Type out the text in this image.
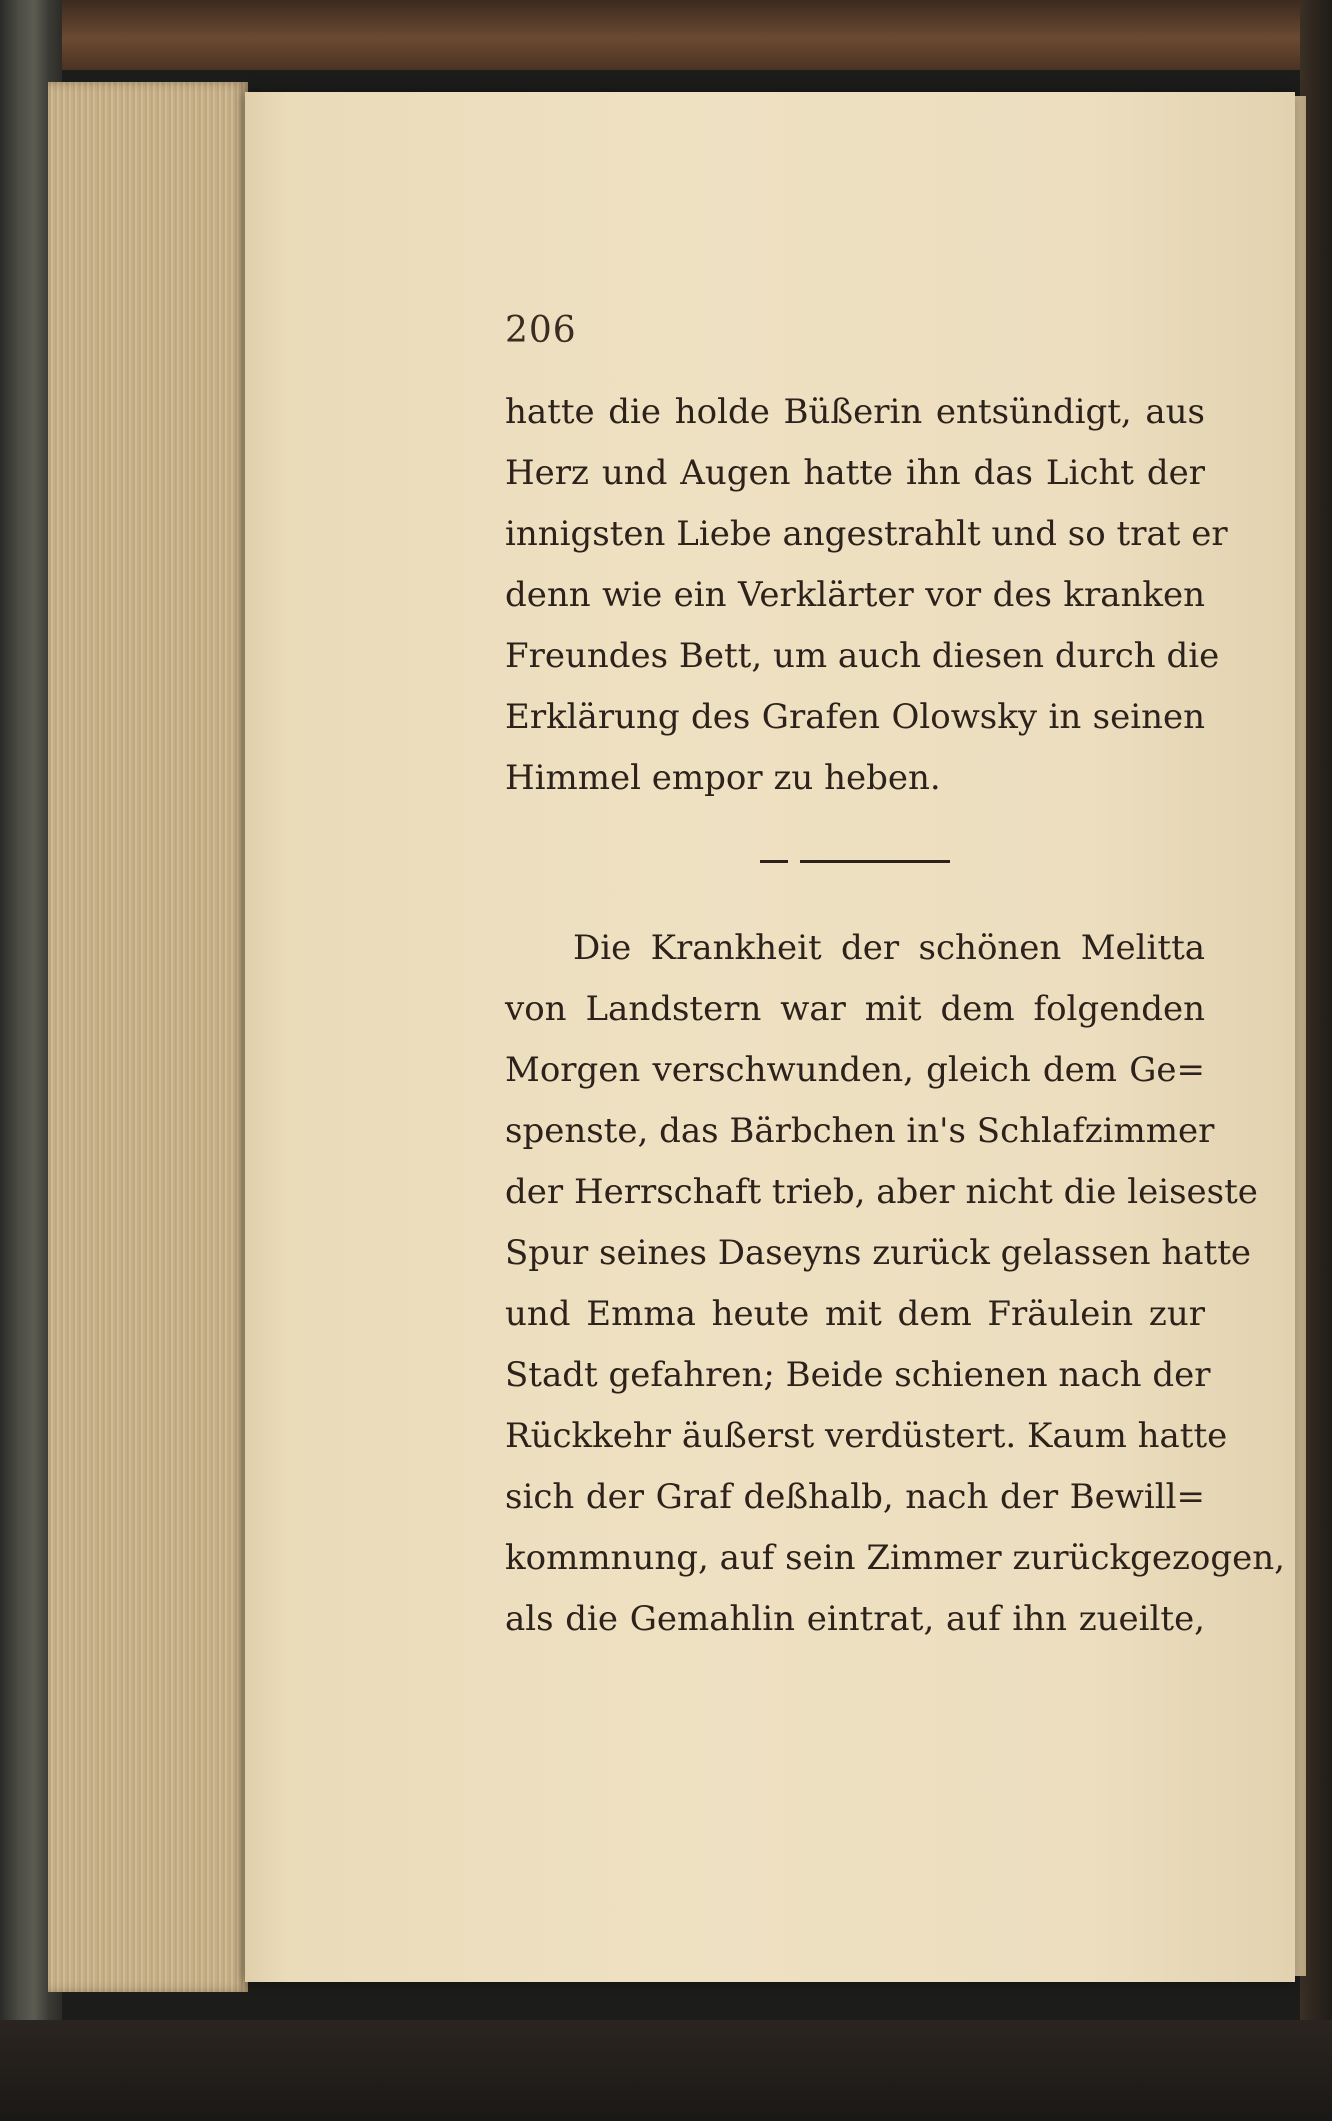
206
hatte die holde Büßerin entsündigt, aus
Herz und Augen hatte ihn das Licht der
innigsten Liebe angestrahlt und so trat er
denn wie ein Verklärter vor des kranken
Freundes Bett, um auch diesen durch die
Erklärung des Grafen Olowsky in seinen
Himmel empor zu heben.
Die Krankheit der schönen Melitta
von Landstern war mit dem folgenden
Morgen verschwunden, gleich dem Ge=
spenste, das Bärbchen in's Schlafzimmer
der Herrschaft trieb, aber nicht die leiseste
Spur seines Daseyns zurück gelassen hatte
und Emma heute mit dem Fräulein zur
Stadt gefahren; Beide schienen nach der
Rückkehr äußerst verdüstert. Kaum hatte
sich der Graf deßhalb, nach der Bewill=
kommnung, auf sein Zimmer zurückgezogen,
als die Gemahlin eintrat, auf ihn zueilte,
